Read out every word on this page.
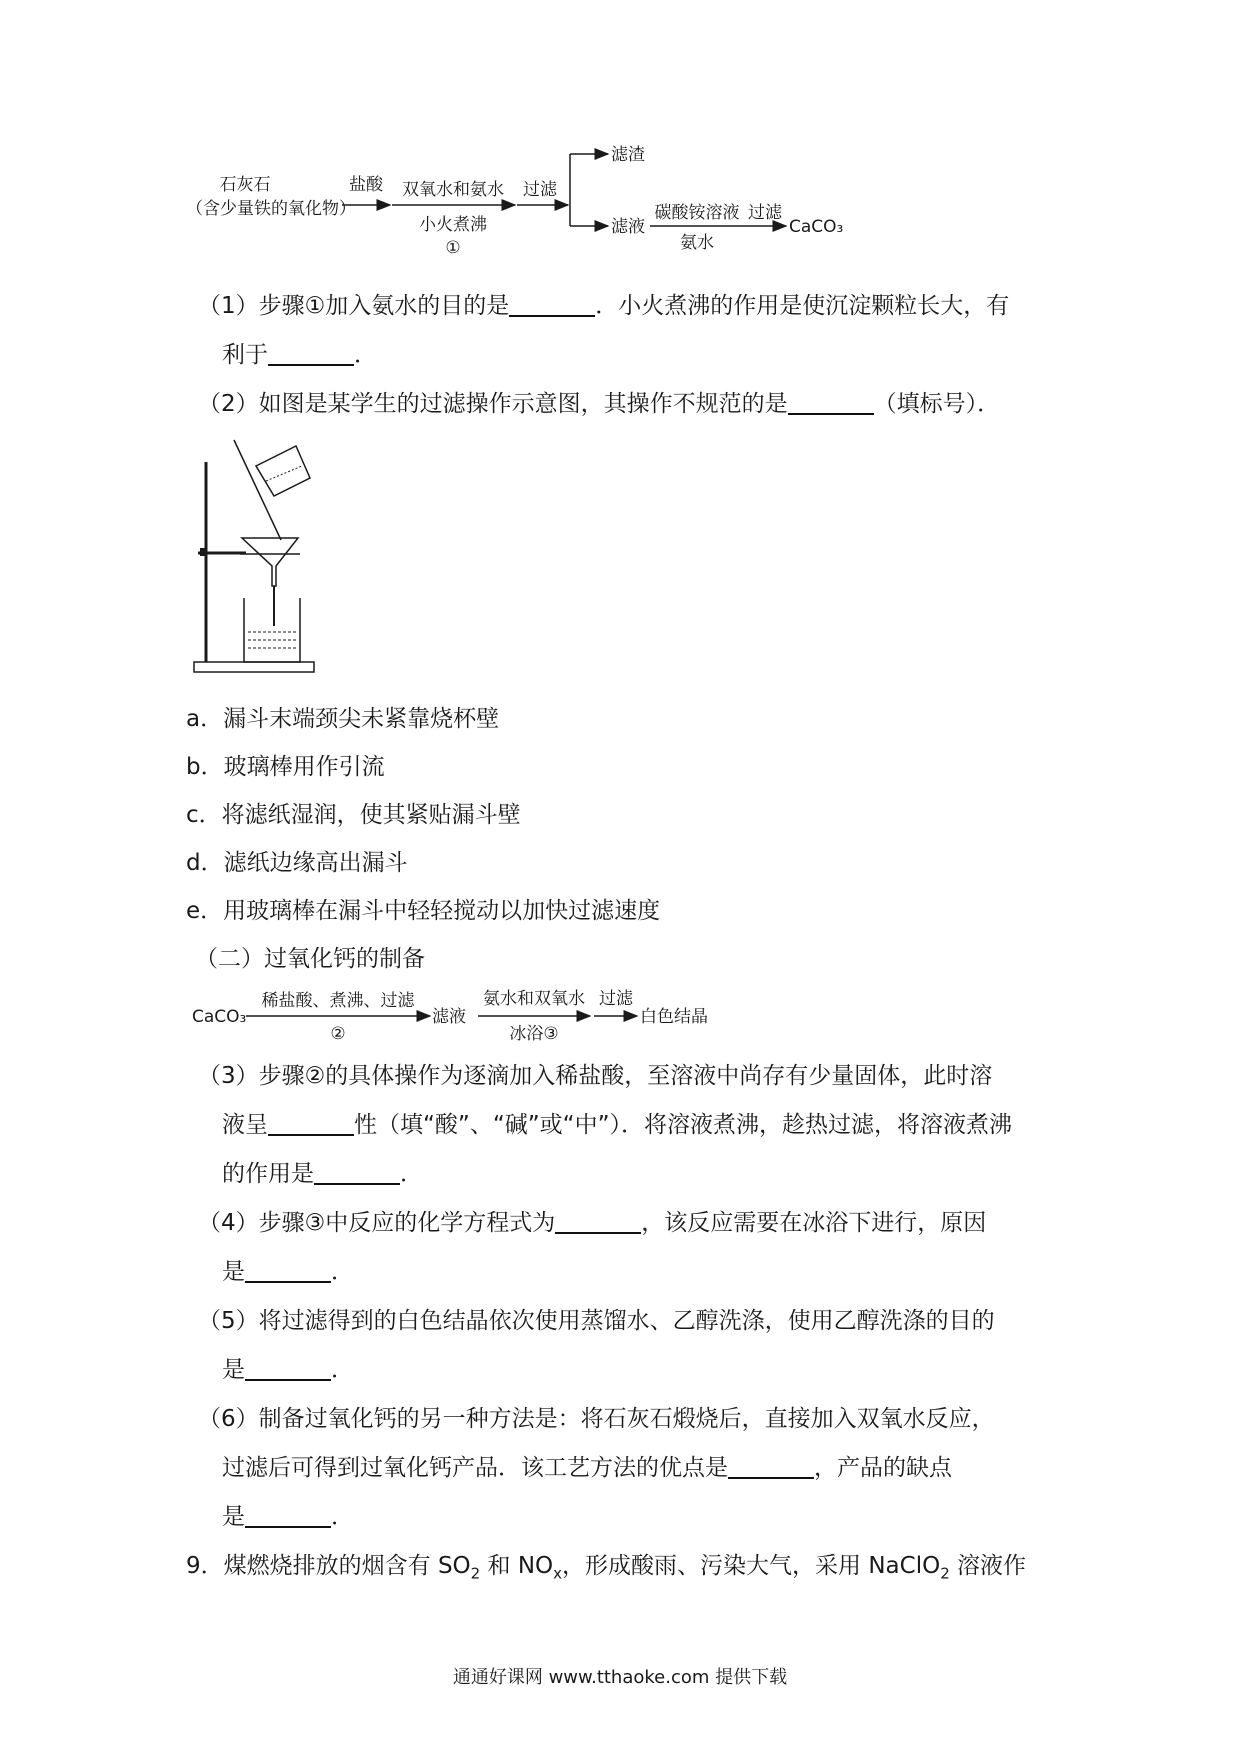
石灰石
（含少量铁的氧化物）
盐酸 双氧水和氨水
小火煮沸
①
过滤
滤渣
滤液
碳酸铵溶液
氨水
过滤
CaCO₃
（1）步骤①加入氨水的目的是	．小火煮沸的作用是使沉淀颗粒长大，有
利于	．
（2）如图是某学生的过滤操作示意图，其操作不规范的是	（填标号）．
a．漏斗末端颈尖未紧靠烧杯壁
b．玻璃棒用作引流
c．将滤纸湿润，使其紧贴漏斗壁
d．滤纸边缘高出漏斗
e．用玻璃棒在漏斗中轻轻搅动以加快过滤速度
（二）过氧化钙的制备
CaCO₃
稀盐酸、煮沸、过滤
②
滤液
氨水和双氧水
冰浴③
过滤
白色结晶
（3）步骤②的具体操作为逐滴加入稀盐酸，至溶液中尚存有少量固体，此时溶
液呈	性（填“酸”、“碱”或“中”）．将溶液煮沸，趁热过滤，将溶液煮沸
的作用是	．
（4）步骤③中反应的化学方程式为	，该反应需要在冰浴下进行，原因
是	．
（5）将过滤得到的白色结晶依次使用蒸馏水、乙醇洗涤，使用乙醇洗涤的目的
是	．
（6）制备过氧化钙的另一种方法是：将石灰石煅烧后，直接加入双氧水反应，
过滤后可得到过氧化钙产品．该工艺方法的优点是	，产品的缺点
是	．
9．煤燃烧排放的烟含有 $SO_2$ 和 $NO_x$，形成酸雨、污染大气，采用 NaClO$_2$ 溶液作
通通好课网 www.tthaoke.com 提供下载
